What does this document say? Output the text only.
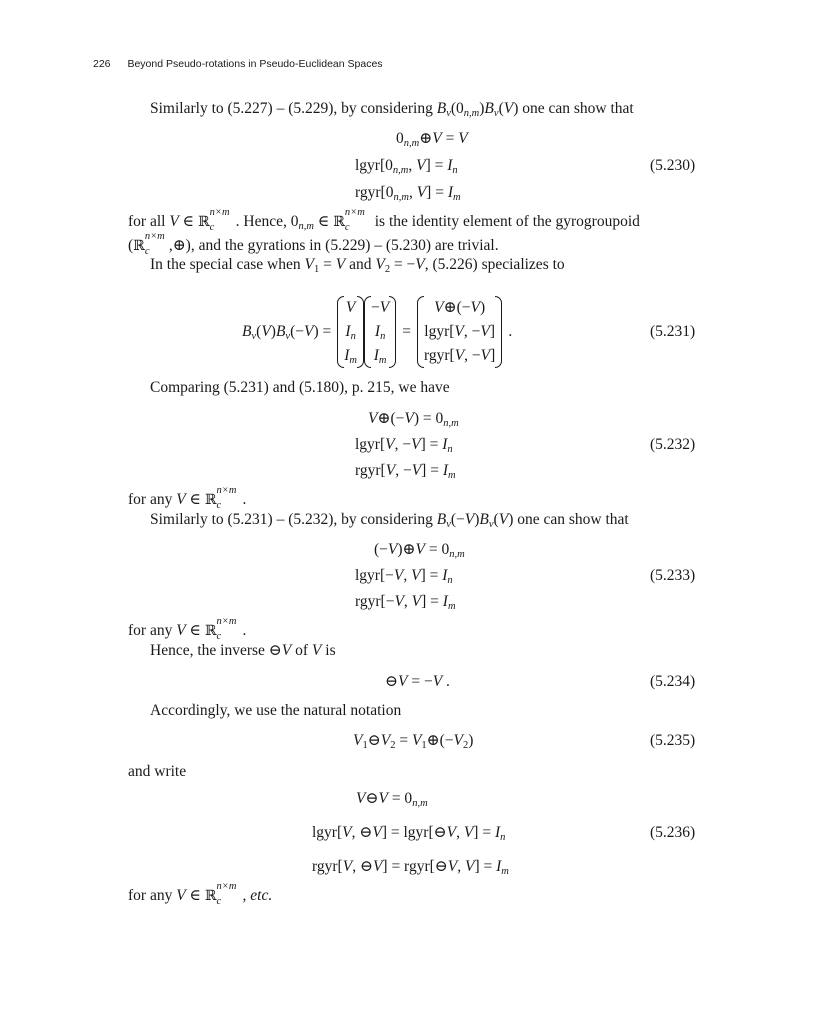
226 Beyond Pseudo-rotations in Pseudo-Euclidean Spaces
Similarly to (5.227) – (5.229), by considering $B_v(0_{n,m})B_v(V)$ one can show that
$0_{n,m}\oplus V = V$
$lgyr[0_{n,m}$, $V] = I_n$
$rgyr[0_{n,m}$, $V] = I_m$
(5.230)
for all V ∈ ℝ
n×m
c . Hence, $0_{n,m}$ ∈ ℝ
n×m
c is the identity element of the gyrogroupoid
(ℝ
n×m
c ,⊕), and the gyrations in (5.229) – (5.230) are trivial.
In the special case when $V_1 = V$ and $V_2 = -V$, (5.226) specializes to
$B_v(V)B_v(-V)$ =
V
$I_n$
$I_m$
−V
$I_n$
$I_m$
=
V⊕(−V)
lgyr[V, −V]
rgyr[V, −V]
.	(5.231)
Comparing (5.231) and (5.180), p. 215, we have
V⊕(−V) = $0_{n,m}$
lgyr[V, $-V] = I_n$
rgyr[V, $-V] = I_m$
(5.232)
for any V ∈ ℝ
n×m
c .
Similarly to (5.231) – (5.232), by considering $B_v(-V)B_v(V)$ one can show that
(−V)⊕V = $0_{n,m}$
lgyr[−V, $V] = I_n$
rgyr[−V, $V] = I_m$
(5.233)
for any V ∈ ℝ
n×m
c .
Hence, the inverse ⊖V of V is
⊖V = −V .	(5.234)
Accordingly, we use the natural notation
$V_1⊖V_2$ = $V_1\oplus(-V_2)$	(5.235)
and write
V⊖V = $0_{n,m}$
lgyr[V, ⊖V] = lgyr[⊖V, $V] = I_n$
rgyr[V, ⊖V] = rgyr[⊖V, $V] = I_m$
(5.236)
for any V ∈ ℝ
n×m
c , etc.
